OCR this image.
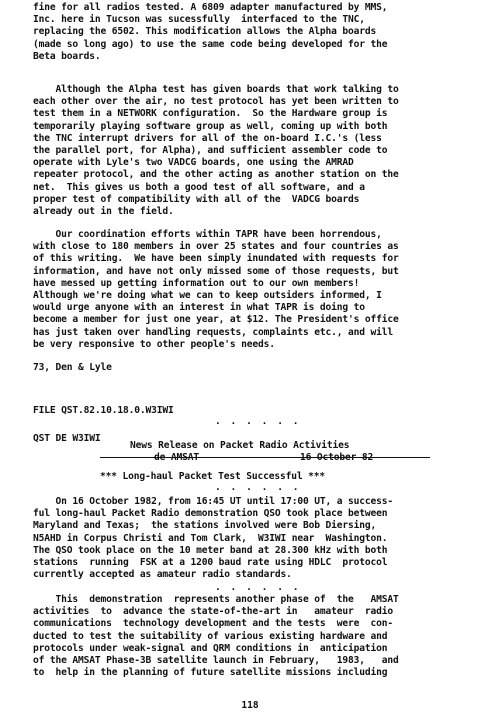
fine for all radios tested. A 6809 adapter manufactured by MMS,
Inc. here in Tucson was sucessfully  interfaced to the TNC,
replacing the 6502. This modification allows the Alpha boards
(made so long ago) to use the same code being developed for the
Beta boards.
Although the Alpha test has given boards that work talking to
each other over the air, no test protocol has yet been written to
test them in a NETWORK configuration.  So the Hardware group is
temporarily playing software group as well, coming up with both
the TNC interrupt drivers for all of the on-board I.C.'s (less
the parallel port, for Alpha), and sufficient assembler code to
operate with Lyle's two VADCG boards, one using the AMRAD
repeater protocol, and the other acting as another station on the
net.  This gives us both a good test of all software, and a
proper test of compatibility with all of the  VADCG boards
already out in the field.
Our coordination efforts within TAPR have been horrendous,
with close to 180 members in over 25 states and four countries as
of this writing.  We have been simply inundated with requests for
information, and have not only missed some of those requests, but
have messed up getting information out to our own members!
Although we're doing what we can to keep outsiders informed, I
would urge anyone with an interest in what TAPR is doing to
become a member for just one year, at $12. The President's office
has just taken over handling requests, complaints etc., and will
be very responsive to other people's needs.
73, Den & Lyle
FILE QST.82.10.18.0.W3IWI
QST DE W3IWI
. . . . . .
News Release on Packet Radio Activities
de AMSAT	16 October 82
*** Long-haul Packet Test Successful ***
. . . . . .
On 16 October 1982, from 16:45 UT until 17:00 UT, a success-
ful long-haul Packet Radio demonstration QSO took place between
Maryland and Texas;  the stations involved were Bob Diersing,
N5AHD in Corpus Christi and Tom Clark,  W3IWI near  Washington.
The QSO took place on the 10 meter band at 28.300 kHz with both
stations  running  FSK at a 1200 baud rate using HDLC  protocol
currently accepted as amateur radio standards.
. . . . . .
This  demonstration  represents another phase of  the   AMSAT
activities  to  advance the state-of-the-art in   amateur  radio
communications  technology development and the tests  were  con-
ducted to test the suitability of various existing hardware and
protocols under weak-signal and QRM conditions in  anticipation
of the AMSAT Phase-3B satellite launch in February,   1983,   and
to  help in the planning of future satellite missions including
118
